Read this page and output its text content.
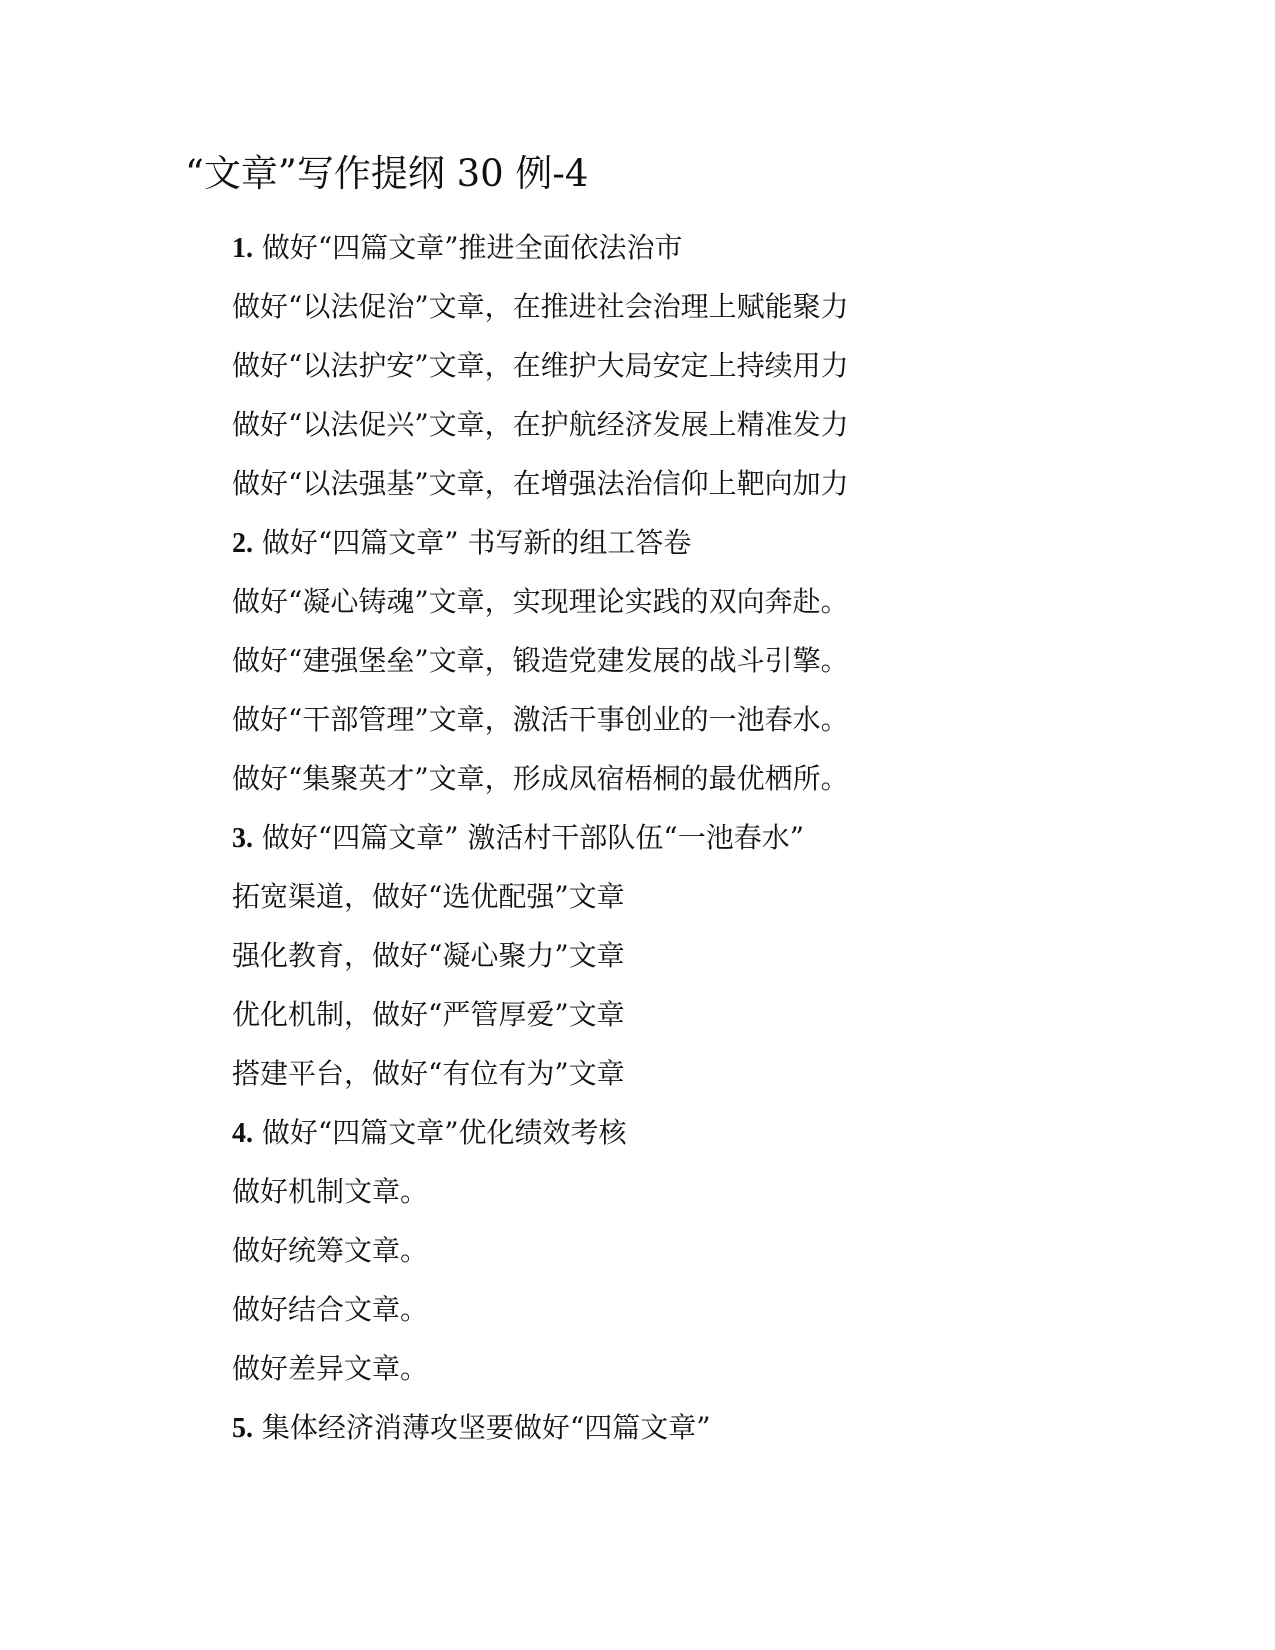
“文章”写作提纲 30 例-4
1. 做好“四篇文章”推进全面依法治市
做好“以法促治”文章，在推进社会治理上赋能聚力
做好“以法护安”文章，在维护大局安定上持续用力
做好“以法促兴”文章，在护航经济发展上精准发力
做好“以法强基”文章，在增强法治信仰上靶向加力
2. 做好“四篇文章” 书写新的组工答卷
做好“凝心铸魂”文章，实现理论实践的双向奔赴。
做好“建强堡垒”文章，锻造党建发展的战斗引擎。
做好“干部管理”文章，激活干事创业的一池春水。
做好“集聚英才”文章，形成凤宿梧桐的最优栖所。
3. 做好“四篇文章” 激活村干部队伍“一池春水”
拓宽渠道，做好“选优配强”文章
强化教育，做好“凝心聚力”文章
优化机制，做好“严管厚爱”文章
搭建平台，做好“有位有为”文章
4. 做好“四篇文章”优化绩效考核
做好机制文章。
做好统筹文章。
做好结合文章。
做好差异文章。
5. 集体经济消薄攻坚要做好“四篇文章”
